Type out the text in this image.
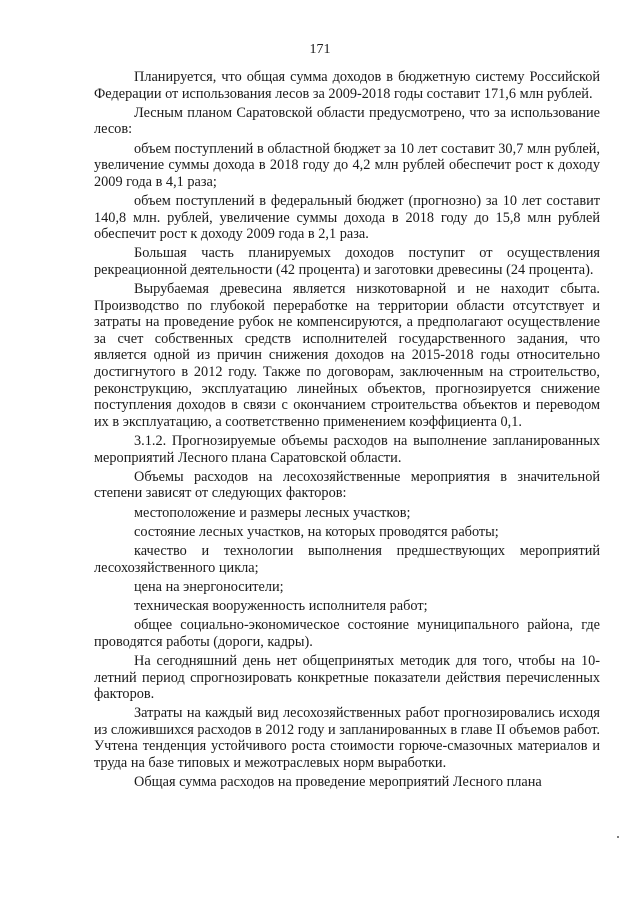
171

Планируется, что общая сумма доходов в бюджетную систему Российской Федерации от использования лесов за 2009-2018 годы составит 171,6 млн рублей.

Лесным планом Саратовской области предусмотрено, что за использование лесов:

объем поступлений в областной бюджет за 10 лет составит 30,7 млн рублей, увеличение суммы дохода в 2018 году до 4,2 млн рублей обеспечит рост к доходу 2009 года в 4,1 раза;

объем поступлений в федеральный бюджет (прогнозно) за 10 лет составит 140,8 млн. рублей, увеличение суммы дохода в 2018 году до 15,8 млн рублей обеспечит рост к доходу 2009 года в 2,1 раза.

Большая часть планируемых доходов поступит от осуществления рекреационной деятельности (42 процента) и заготовки древесины (24 процента).

Вырубаемая древесина является низкотоварной и не находит сбыта. Производство по глубокой переработке на территории области отсутствует и затраты на проведение рубок не компенсируются, а предполагают осуществление за счет собственных средств исполнителей государственного задания, что является одной из причин снижения доходов на 2015-2018 годы относительно достигнутого в 2012 году. Также по договорам, заключенным на строительство, реконструкцию, эксплуатацию линейных объектов, прогнозируется снижение поступления доходов в связи с окончанием строительства объектов и переводом их в эксплуатацию, а соответственно применением коэффициента 0,1.

3.1.2. Прогнозируемые объемы расходов на выполнение запланированных мероприятий Лесного плана Саратовской области.

Объемы расходов на лесохозяйственные мероприятия в значительной степени зависят от следующих факторов:

местоположение и размеры лесных участков;

состояние лесных участков, на которых проводятся работы;

качество и технологии выполнения предшествующих мероприятий лесохозяйственного цикла;

цена на энергоносители;

техническая вооруженность исполнителя работ;

общее социально-экономическое состояние муниципального района, где проводятся работы (дороги, кадры).

На сегодняшний день нет общепринятых методик для того, чтобы на 10-летний период спрогнозировать конкретные показатели действия перечисленных факторов.

Затраты на каждый вид лесохозяйственных работ прогнозировались исходя из сложившихся расходов в 2012 году и запланированных в главе II объемов работ. Учтена тенденция устойчивого роста стоимости горюче-смазочных материалов и труда на базе типовых и межотраслевых норм выработки.

Общая сумма расходов на проведение мероприятий Лесного плана
